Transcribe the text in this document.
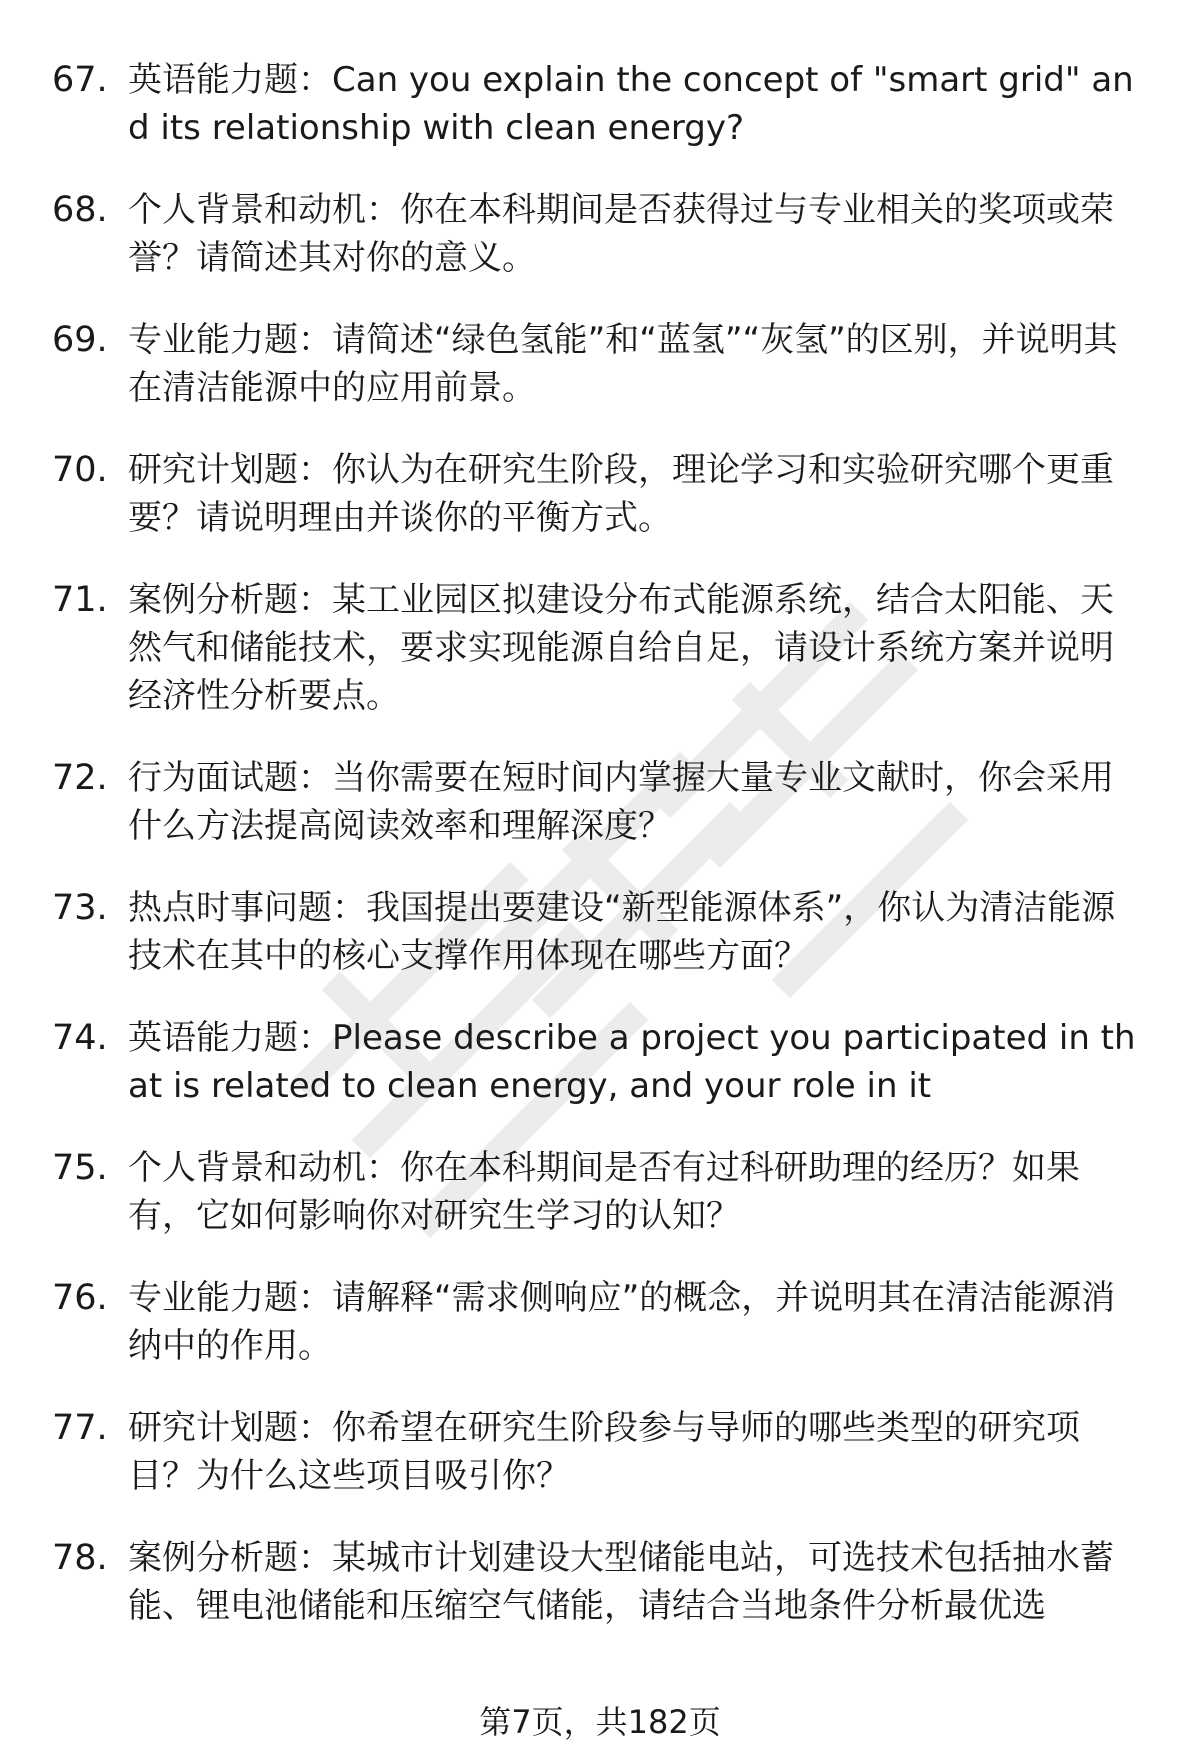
67. 英语能力题：Can you explain the concept of "smart grid" and its relationship with clean energy?
68. 个人背景和动机：你在本科期间是否获得过与专业相关的奖项或荣誉？请简述其对你的意义。
69. 专业能力题：请简述“绿色氢能”和“蓝氢”“灰氢”的区别，并说明其在清洁能源中的应用前景。
70. 研究计划题：你认为在研究生阶段，理论学习和实验研究哪个更重要？请说明理由并谈你的平衡方式。
71. 案例分析题：某工业园区拟建设分布式能源系统，结合太阳能、天然气和储能技术，要求实现能源自给自足，请设计系统方案并说明经济性分析要点。
72. 行为面试题：当你需要在短时间内掌握大量专业文献时，你会采用什么方法提高阅读效率和理解深度？
73. 热点时事问题：我国提出要建设“新型能源体系”，你认为清洁能源技术在其中的核心支撑作用体现在哪些方面？
74. 英语能力题：Please describe a project you participated in that is related to clean energy, and your role in it
75. 个人背景和动机：你在本科期间是否有过科研助理的经历？如果有，它如何影响你对研究生学习的认知？
76. 专业能力题：请解释“需求侧响应”的概念，并说明其在清洁能源消纳中的作用。
77. 研究计划题：你希望在研究生阶段参与导师的哪些类型的研究项目？为什么这些项目吸引你？
78. 案例分析题：某城市计划建设大型储能电站，可选技术包括抽水蓄能、锂电池储能和压缩空气储能，请结合当地条件分析最优选
第7页，共182页
